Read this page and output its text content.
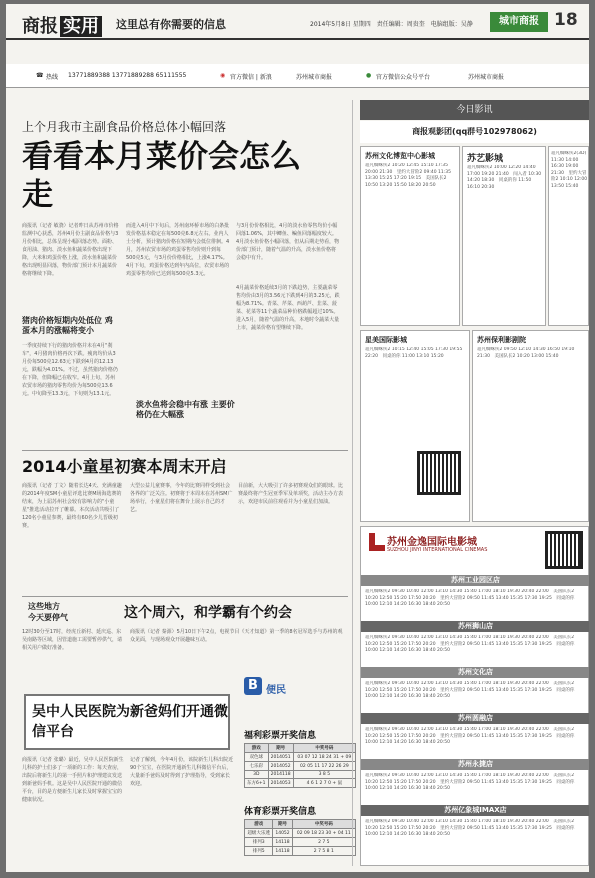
商报 实用 这里总有你需要的信息	2014年5月8日 星期四　责任编辑：周贵奎　电脑组版：吴静	城市商报 18
☎ 热线 13771889388 13771889288 65111555	◉ 官方微信 | 新浪	苏州城市商报	● 官方微信公众号平台	苏州城市商报
上个月我市主副食品价格总体小幅回落
看看本月菜价会怎么走
商报讯（记者 敏骁）记者昨日从苏州市价格监测中心获悉，苏州4月份主副食品价格与3月份相比，总体呈现小幅回落态势。面粉、食用油、猪肉、淡水鱼和蔬菜价格出现下降，大米和鸡蛋价格上涨，淡水鱼和蔬菜价格出现明显回落，物价部门预计本月蔬菜价格将继续下降。
猪肉价格短期内处低位 鸡蛋本月的涨幅将变小
一季度持续下行的猪肉价格并未在4月"刹车"，4月猪肉价格再次下跌。瘦肉均价从3月份每500克12.63元下跌到4月的12.13元，跌幅为4.01%。不过，虽然猪肉价格仍在下降，但降幅已在收窄。4月上旬，苏州农贸市场的猪肉零售均价为每500克13.6元。中旬降至13.3元，下旬则为13.1元。
而进入4月中下旬后，苏州南环桥市场的白条批发价格基本稳定在每500克6.8元左右。业内人士分析，预计猪肉价格在短期内会低位徘徊。4月，苏州农贸市场的鸡蛋零售均价则升到每500克5元，与3月份价格相比，上涨4.17%。4月下旬，鸡蛋价格达到年内高位，农贸市场的鸡蛋零售均价已达到每500克5.3元。
淡水鱼将会稳中有涨 主要价格仍在大幅涨
与3月份价格相比，4月的淡水鱼零售均价小幅回落1.06%，其中鲫鱼、鳊鱼回落幅度较大。4月淡水鱼价格小幅回落，但从后期走势看，物价部门预计，随着气温的升高，淡水鱼价格将会稳中有升。
4月蔬菜价格延续3月的下跌趋势，主要蔬菜零售均价由3月的3.56元下跌到4月的3.25元，跌幅为8.71%。青菜、芹菜、西葫芦、韭菜、菠菜、花菜等11个蔬菜品种价格跌幅超过10%。进入5月，随着气温的升高，本地时令蔬菜大量上市，蔬菜价格有望继续下降。
2014小童星初赛本周末开启
商报讯（记者 丁文）随着长达4天、充满童趣的2014年度SM小童星评选比赛M场海选赛的结束，为上届苏州社会较有影响力的"小童星"推选活动拉开了帷幕。本次活动共吸引了120名小童星参赛，最终有60名少儿晋级初赛。
大型公益儿童赛事，今年的比赛同样受到社会各界的广泛关注。初赛将于本周末在苏州SM广场举行，小童星们将在舞台上展示自己的才艺。
目前新，大大吸引了许多初赛观众们的眼球。比赛最终将产生冠亚季军及单项奖，活动主办方表示，欢迎市民前往观看并为小童星们加油。
这些地方
今天要停气	这个周六，和学霸有个约会
12时30分至17时，经虎丘新村、延庆巡、东吴南路等区域，因管道施工需要暂停供气，请相关用户做好准备。
商报讯（记者 秦源）5月10日下午2点，电视节目《天才知道》第一季的8名冠军选手与苏州的观众见面，与现场观众开展趣味互动。
吴中人民医院为新爸妈们开通微信平台
商报讯（记者 张璐）最近，吴中人民医院新生儿科的护士们多了一项新的工作：每天查房，出院后将新生儿的第一手照片和护理建议发送到新爸妈手机。这是吴中人民医院开通的微信平台，目的是方便新生儿家长及时掌握宝宝的健康状况。
记者了解到，今年4月份，该院新生儿科出院近90个宝宝，在医院开通新生儿科微信平台后，大量新手爸妈及时得到了护理指导，受到家长欢迎。
B 便民
福利彩票开奖信息
游戏	期号	中奖号码
双色球	2014051	03 07 12 18 24 31 + 09
七乐彩	2014052	02 05 11 17 22 26 29
3D	2014118	3 8 5
东方6+1	2014053	4 6 1 2 7 0 + 鼠
体育彩票开奖信息
游戏	期号	中奖号码
超级大乐透	14052	02 09 18 23 30 + 04 11
排列3	14118	2 7 5
排列5	14118	2 7 5 8 1
今日影讯
商报观影团(qq群号102978062)
苏州文化博览中心影城
超凡蜘蛛侠2 10:20 12:45 15:10 17:35 20:00 21:30　里约大冒险2 09:40 11:35 13:30 15:25 17:20 19:15　美国队长2 10:50 13:20 15:50 18:20 20:50
苏艺影城
超凡蜘蛛侠2 10:00 12:20 14:40 17:00 19:20 21:40　闯入者 10:30 14:20 18:30　同桌的你 11:50 16:10 20:30
超凡蜘蛛侠2(3D) 11:30 14:00 16:30 19:00 21:30　里约大冒险2 10:10 12:00 13:50 15:40
星美国际影城
超凡蜘蛛侠2 10:15 12:40 15:05 17:30 19:55 22:20　同桌的你 11:00 13:10 15:20
苏州保利影剧院
超凡蜘蛛侠2 09:50 12:10 14:30 16:50 19:10 21:30　美国队长2 10:20 13:00 15:40
苏州金逸国际电影城
SUZHOU JINYI INTERNATIONAL CINEMAS
苏州工业园区店
超凡蜘蛛侠2 09:30 10:40 12:00 13:10 14:30 15:40 17:00 18:10 19:30 20:40 22:00　美国队长2 10:20 12:50 15:20 17:50 20:20　里约大冒险2 09:50 11:45 13:40 15:35 17:30 19:25　同桌的你 10:00 12:10 14:20 16:30 18:40 20:50
苏州狮山店
超凡蜘蛛侠2 09:30 10:40 12:00 13:10 14:30 15:40 17:00 18:10 19:30 20:40 22:00　美国队长2 10:20 12:50 15:20 17:50 20:20　里约大冒险2 09:50 11:45 13:40 15:35 17:30 19:25　同桌的你 10:00 12:10 14:20 16:30 18:40 20:50
苏州文化店
超凡蜘蛛侠2 09:30 10:40 12:00 13:10 14:30 15:40 17:00 18:10 19:30 20:40 22:00　美国队长2 10:20 12:50 15:20 17:50 20:20　里约大冒险2 09:50 11:45 13:40 15:35 17:30 19:25　同桌的你 10:00 12:10 14:20 16:30 18:40 20:50
苏州圆融店
超凡蜘蛛侠2 09:30 10:40 12:00 13:10 14:30 15:40 17:00 18:10 19:30 20:40 22:00　美国队长2 10:20 12:50 15:20 17:50 20:20　里约大冒险2 09:50 11:45 13:40 15:35 17:30 19:25　同桌的你 10:00 12:10 14:20 16:30 18:40 20:50
苏州永捷店
超凡蜘蛛侠2 09:30 10:40 12:00 13:10 14:30 15:40 17:00 18:10 19:30 20:40 22:00　美国队长2 10:20 12:50 15:20 17:50 20:20　里约大冒险2 09:50 11:45 13:40 15:35 17:30 19:25　同桌的你 10:00 12:10 14:20 16:30 18:40 20:50
苏州亿象城IMAX店
超凡蜘蛛侠2 09:30 10:40 12:00 13:10 14:30 15:40 17:00 18:10 19:30 20:40 22:00　美国队长2 10:20 12:50 15:20 17:50 20:20　里约大冒险2 09:50 11:45 13:40 15:35 17:30 19:25　同桌的你 10:00 12:10 14:20 16:30 18:40 20:50
